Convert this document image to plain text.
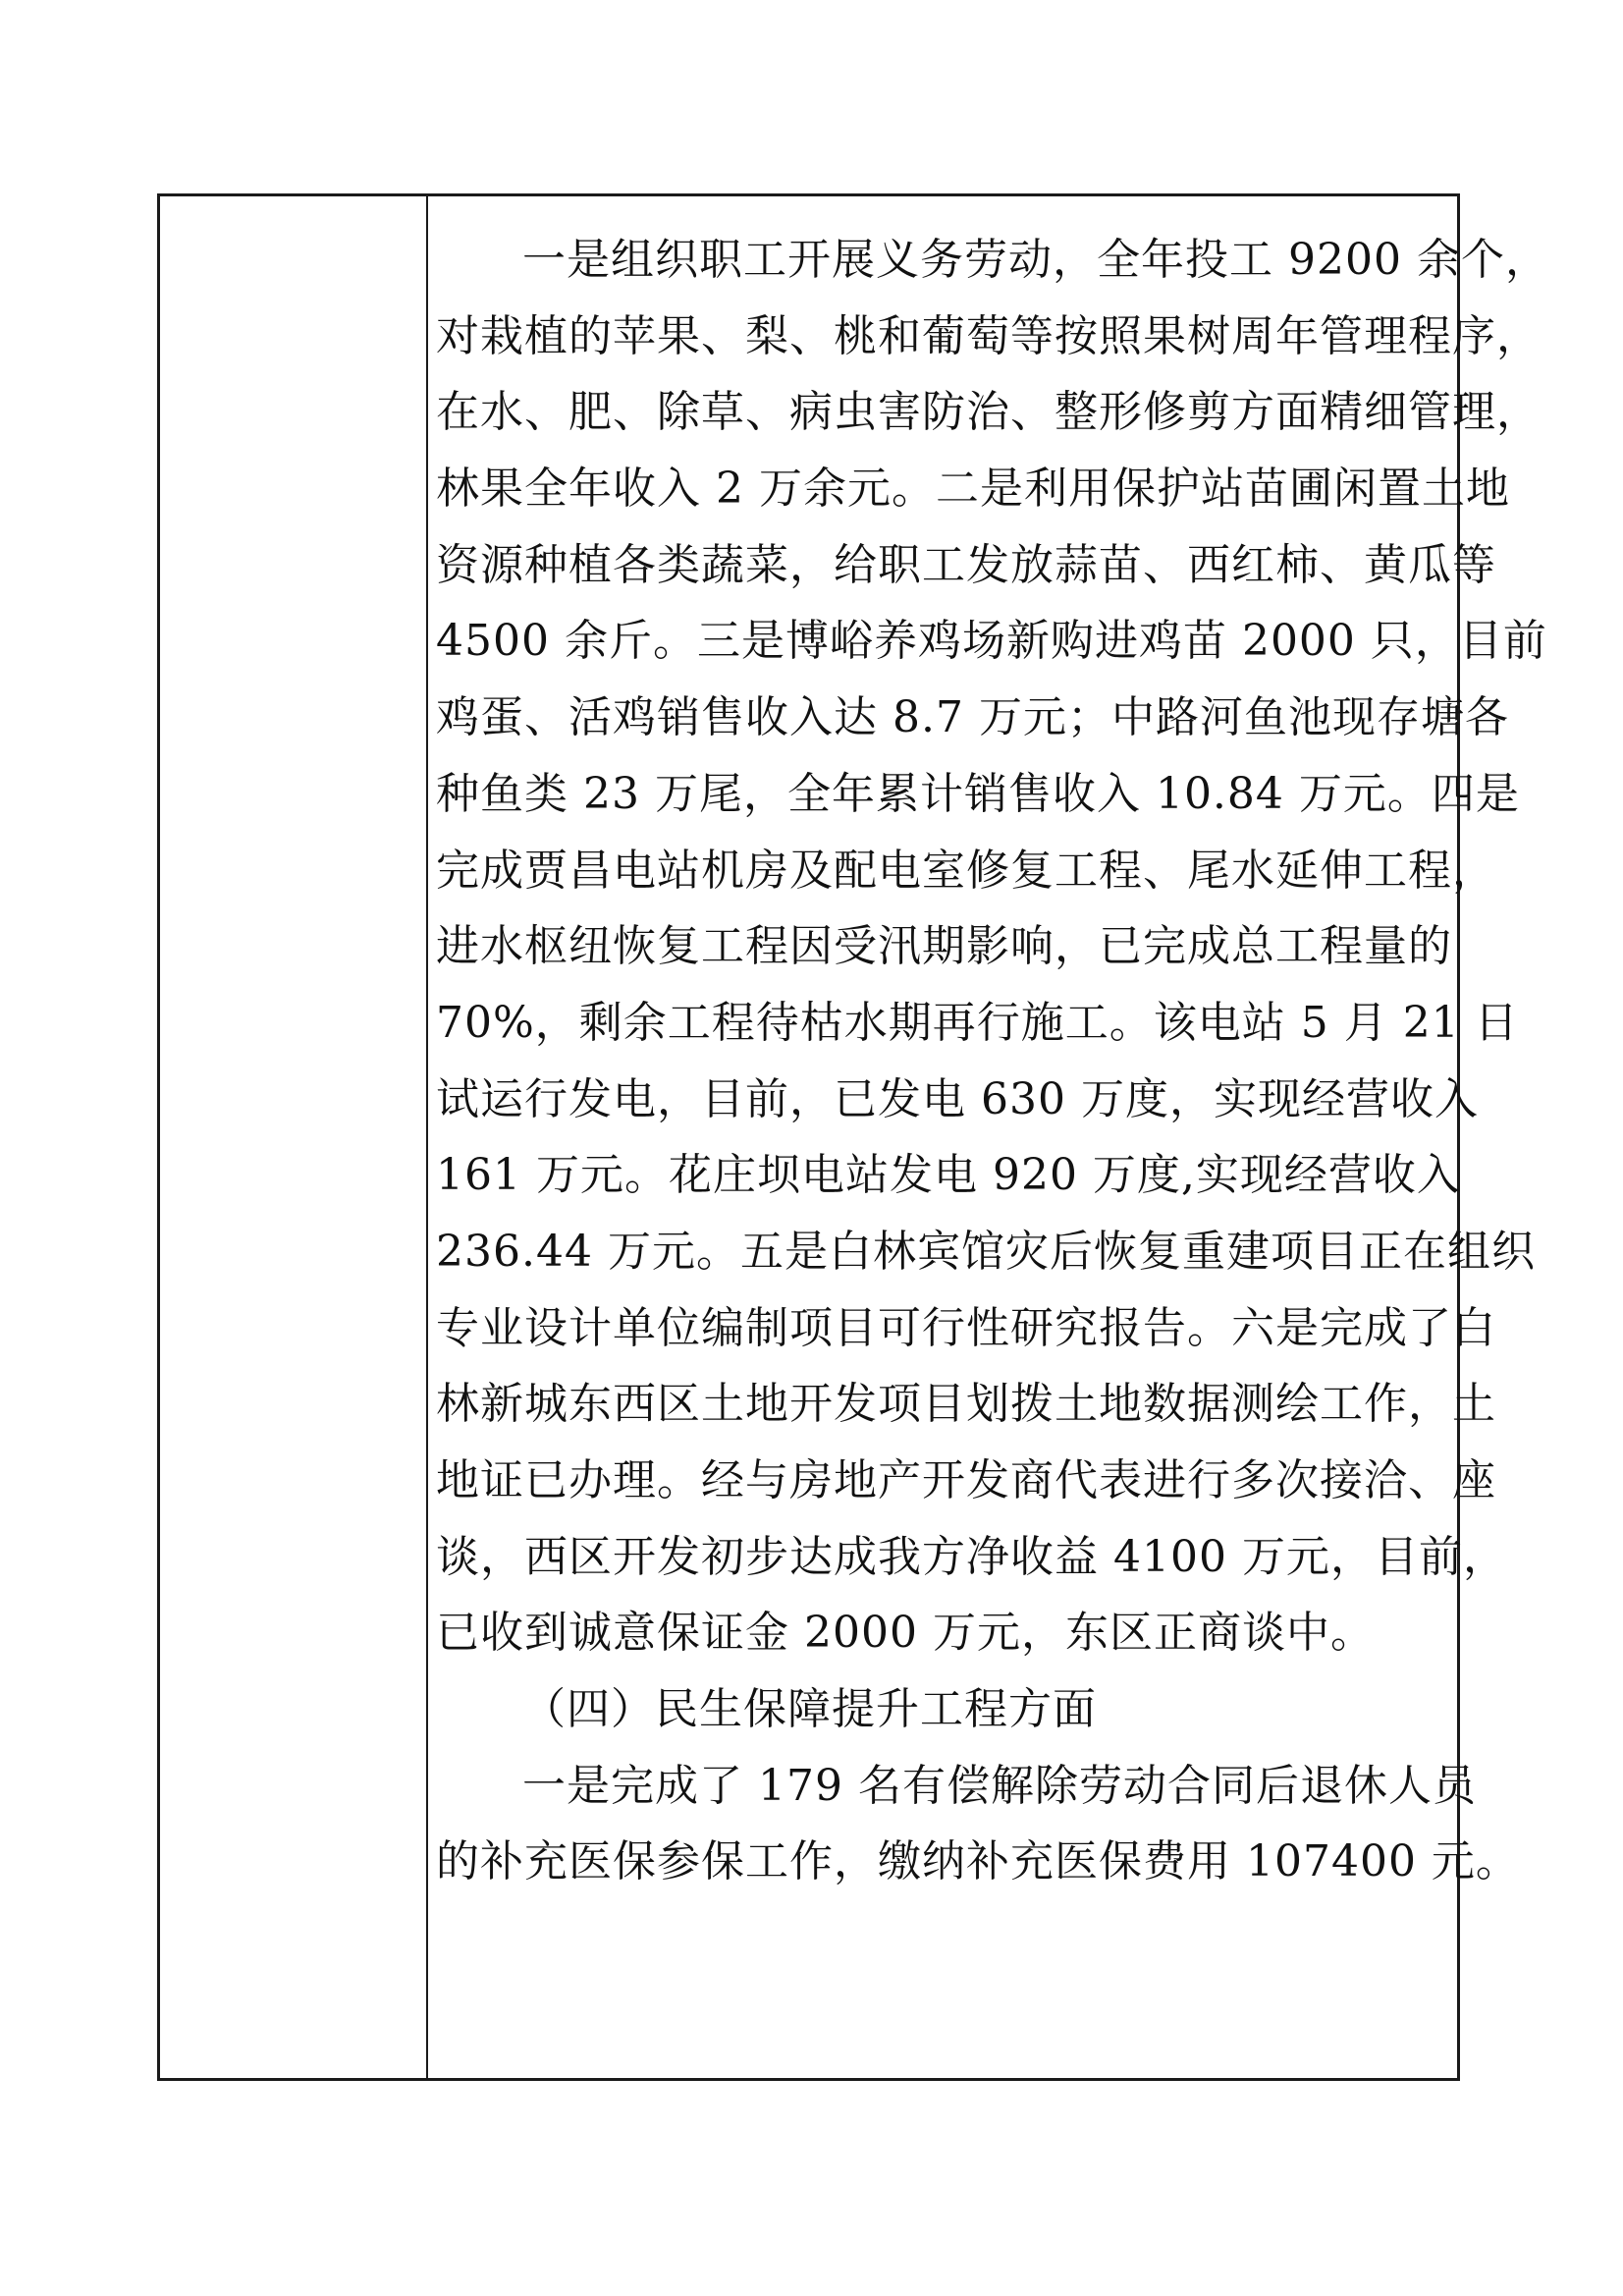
一是组织职工开展义务劳动，全年投工 9200 余个，
对栽植的苹果、梨、桃和葡萄等按照果树周年管理程序，
在水、肥、除草、病虫害防治、整形修剪方面精细管理，
林果全年收入 2 万余元。二是利用保护站苗圃闲置土地
资源种植各类蔬菜，给职工发放蒜苗、西红柿、黄瓜等
4500 余斤。三是博峪养鸡场新购进鸡苗 2000 只，目前
鸡蛋、活鸡销售收入达 8.7 万元；中路河鱼池现存塘各
种鱼类 23 万尾，全年累计销售收入 10.84 万元。四是
完成贾昌电站机房及配电室修复工程、尾水延伸工程，
进水枢纽恢复工程因受汛期影响，已完成总工程量的
70%，剩余工程待枯水期再行施工。该电站 5 月 21 日
试运行发电，目前，已发电 630 万度，实现经营收入
161 万元。花庄坝电站发电 920 万度,实现经营收入
236.44 万元。五是白林宾馆灾后恢复重建项目正在组织
专业设计单位编制项目可行性研究报告。六是完成了白
林新城东西区土地开发项目划拨土地数据测绘工作，土
地证已办理。经与房地产开发商代表进行多次接洽、座
谈，西区开发初步达成我方净收益 4100 万元，目前，
已收到诚意保证金 2000 万元，东区正商谈中。
（四）民生保障提升工程方面
一是完成了 179 名有偿解除劳动合同后退休人员
的补充医保参保工作，缴纳补充医保费用 107400 元。
